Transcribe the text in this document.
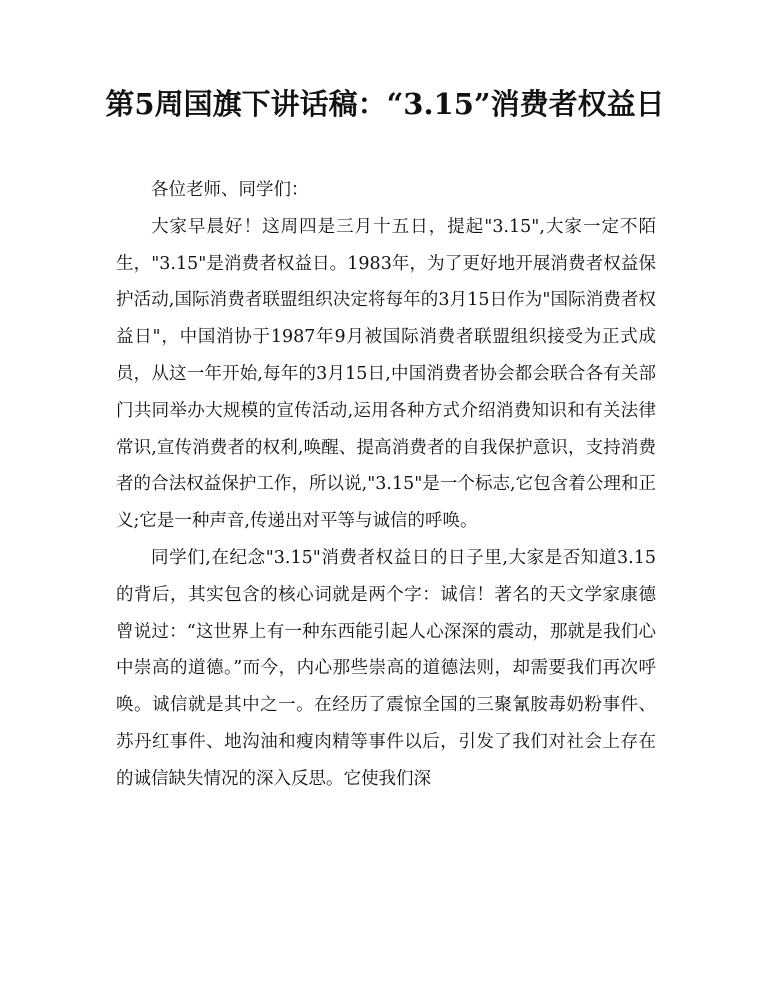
第5周国旗下讲话稿：“3.15”消费者权益日

各位老师、同学们：

大家早晨好！这周四是三月十五日，提起"3.15",大家一定不陌生，"3.15"是消费者权益日。1983年，为了更好地开展消费者权益保护活动,国际消费者联盟组织决定将每年的3月15日作为"国际消费者权益日"，中国消协于1987年9月被国际消费者联盟组织接受为正式成员，从这一年开始,每年的3月15日,中国消费者协会都会联合各有关部门共同举办大规模的宣传活动,运用各种方式介绍消费知识和有关法律常识,宣传消费者的权利,唤醒、提高消费者的自我保护意识，支持消费者的合法权益保护工作，所以说,"3.15"是一个标志,它包含着公理和正义;它是一种声音,传递出对平等与诚信的呼唤。

同学们,在纪念"3.15"消费者权益日的日子里,大家是否知道3.15的背后，其实包含的核心词就是两个字：诚信！著名的天文学家康德曾说过：“这世界上有一种东西能引起人心深深的震动，那就是我们心中崇高的道德。”而今，内心那些崇高的道德法则，却需要我们再次呼唤。诚信就是其中之一。在经历了震惊全国的三聚氰胺毒奶粉事件、苏丹红事件、地沟油和瘦肉精等事件以后，引发了我们对社会上存在的诚信缺失情况的深入反思。它使我们深
